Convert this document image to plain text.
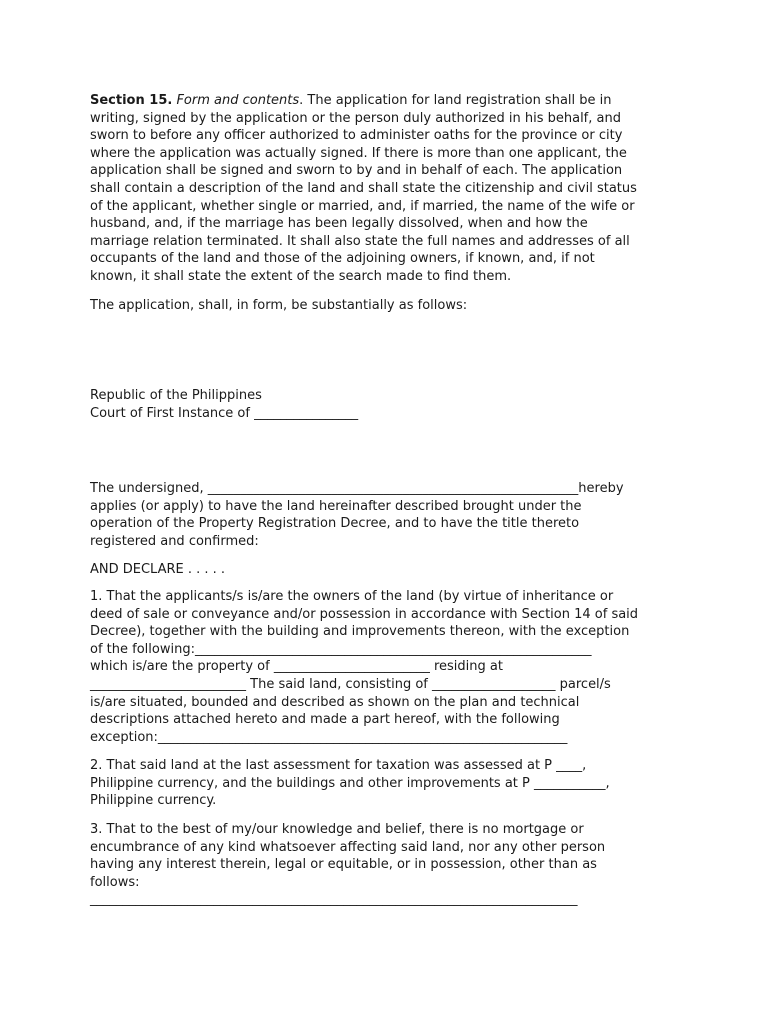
Section 15. Form and contents. The application for land registration shall be in
writing, signed by the application or the person duly authorized in his behalf, and
sworn to before any officer authorized to administer oaths for the province or city
where the application was actually signed. If there is more than one applicant, the
application shall be signed and sworn to by and in behalf of each. The application
shall contain a description of the land and shall state the citizenship and civil status
of the applicant, whether single or married, and, if married, the name of the wife or
husband, and, if the marriage has been legally dissolved, when and how the
marriage relation terminated. It shall also state the full names and addresses of all
occupants of the land and those of the adjoining owners, if known, and, if not
known, it shall state the extent of the search made to find them.

The application, shall, in form, be substantially as follows:

Republic of the Philippines
Court of First Instance of ________________

The undersigned, _________________________________________________________hereby
applies (or apply) to have the land hereinafter described brought under the
operation of the Property Registration Decree, and to have the title thereto
registered and confirmed:

AND DECLARE . . . . .

1. That the applicants/s is/are the owners of the land (by virtue of inheritance or
deed of sale or conveyance and/or possession in accordance with Section 14 of said
Decree), together with the building and improvements thereon, with the exception
of the following:_____________________________________________________________
which is/are the property of ________________________ residing at
________________________ The said land, consisting of ___________________ parcel/s
is/are situated, bounded and described as shown on the plan and technical
descriptions attached hereto and made a part hereof, with the following
exception:_______________________________________________________________

2. That said land at the last assessment for taxation was assessed at P ____,
Philippine currency, and the buildings and other improvements at P ___________,
Philippine currency.

3. That to the best of my/our knowledge and belief, there is no mortgage or
encumbrance of any kind whatsoever affecting said land, nor any other person
having any interest therein, legal or equitable, or in possession, other than as
follows:
___________________________________________________________________________
